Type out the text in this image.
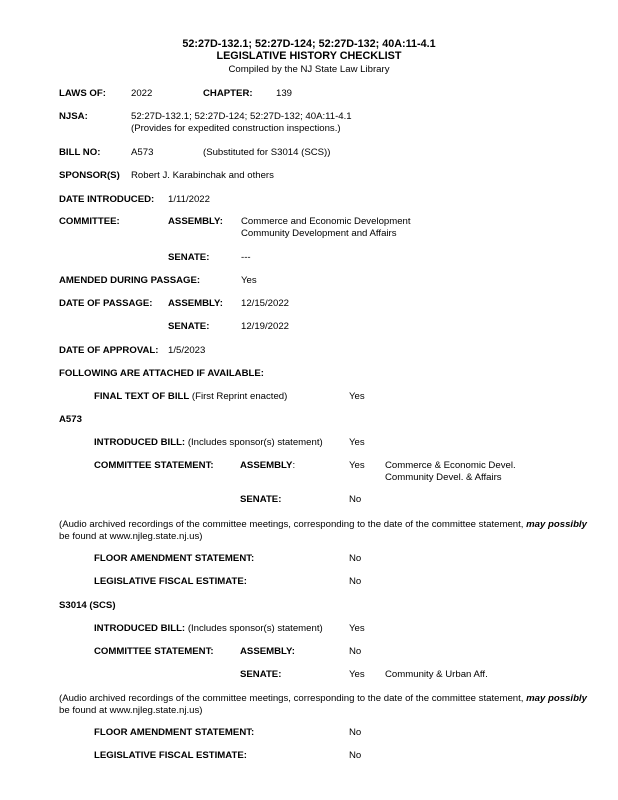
52:27D-132.1; 52:27D-124; 52:27D-132; 40A:11-4.1
LEGISLATIVE HISTORY CHECKLIST
Compiled by the NJ State Law Library
LAWS OF:	2022	CHAPTER: 139
NJSA:	52:27D-132.1; 52:27D-124; 52:27D-132; 40A:11-4.1
(Provides for expedited construction inspections.)
BILL NO:	A573	(Substituted for S3014 (SCS))
SPONSOR(S) Robert J. Karabinchak and others
DATE INTRODUCED: 1/11/2022
COMMITTEE:	ASSEMBLY: Commerce and Economic Development
Community Development and Affairs
SENATE:	---
AMENDED DURING PASSAGE:	Yes
DATE OF PASSAGE: ASSEMBLY: 12/15/2022
SENATE:	12/19/2022
DATE OF APPROVAL: 1/5/2023
FOLLOWING ARE ATTACHED IF AVAILABLE:
FINAL TEXT OF BILL (First Reprint enacted)	Yes
A573
INTRODUCED BILL: (Includes sponsor(s) statement)	Yes
COMMITTEE STATEMENT:	ASSEMBLY:	Yes Commerce & Economic Devel.
Community Devel. & Affairs
SENATE:	No
(Audio archived recordings of the committee meetings, corresponding to the date of the committee statement, may possibly
be found at www.njleg.state.nj.us)
FLOOR AMENDMENT STATEMENT:	No
LEGISLATIVE FISCAL ESTIMATE:	No
S3014 (SCS)
INTRODUCED BILL: (Includes sponsor(s) statement)	Yes
COMMITTEE STATEMENT:	ASSEMBLY:	No
SENATE:	Yes Community & Urban Aff.
(Audio archived recordings of the committee meetings, corresponding to the date of the committee statement, may possibly
be found at www.njleg.state.nj.us)
FLOOR AMENDMENT STATEMENT:	No
LEGISLATIVE FISCAL ESTIMATE:	No
